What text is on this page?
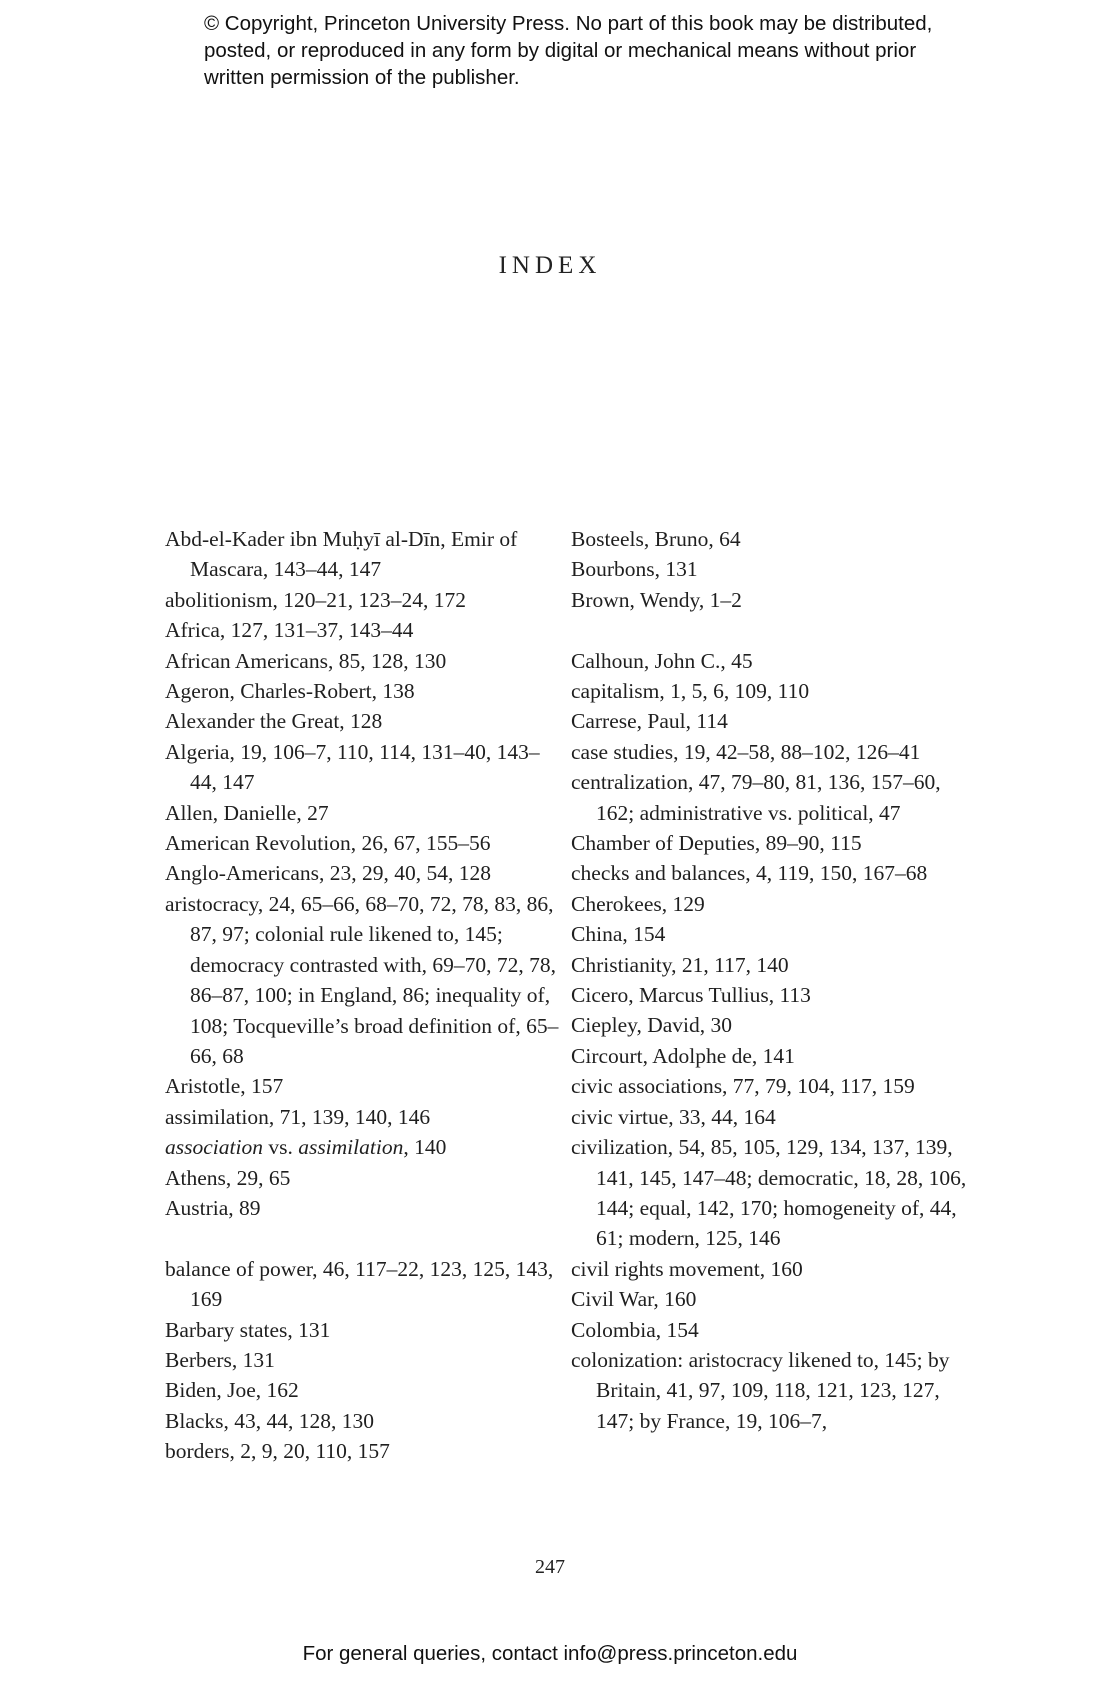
© Copyright, Princeton University Press. No part of this book may be distributed, posted, or reproduced in any form by digital or mechanical means without prior written permission of the publisher.
INDEX
Abd-el-Kader ibn Muḥyī al-Dīn, Emir of Mascara, 143–44, 147
abolitionism, 120–21, 123–24, 172
Africa, 127, 131–37, 143–44
African Americans, 85, 128, 130
Ageron, Charles-Robert, 138
Alexander the Great, 128
Algeria, 19, 106–7, 110, 114, 131–40, 143–44, 147
Allen, Danielle, 27
American Revolution, 26, 67, 155–56
Anglo-Americans, 23, 29, 40, 54, 128
aristocracy, 24, 65–66, 68–70, 72, 78, 83, 86, 87, 97; colonial rule likened to, 145; democracy contrasted with, 69–70, 72, 78, 86–87, 100; in England, 86; inequality of, 108; Tocqueville’s broad definition of, 65–66, 68
Aristotle, 157
assimilation, 71, 139, 140, 146
association vs. assimilation, 140
Athens, 29, 65
Austria, 89
balance of power, 46, 117–22, 123, 125, 143, 169
Barbary states, 131
Berbers, 131
Biden, Joe, 162
Blacks, 43, 44, 128, 130
borders, 2, 9, 20, 110, 157
Bosteels, Bruno, 64
Bourbons, 131
Brown, Wendy, 1–2
Calhoun, John C., 45
capitalism, 1, 5, 6, 109, 110
Carrese, Paul, 114
case studies, 19, 42–58, 88–102, 126–41
centralization, 47, 79–80, 81, 136, 157–60, 162; administrative vs. political, 47
Chamber of Deputies, 89–90, 115
checks and balances, 4, 119, 150, 167–68
Cherokees, 129
China, 154
Christianity, 21, 117, 140
Cicero, Marcus Tullius, 113
Ciepley, David, 30
Circourt, Adolphe de, 141
civic associations, 77, 79, 104, 117, 159
civic virtue, 33, 44, 164
civilization, 54, 85, 105, 129, 134, 137, 139, 141, 145, 147–48; democratic, 18, 28, 106, 144; equal, 142, 170; homogeneity of, 44, 61; modern, 125, 146
civil rights movement, 160
Civil War, 160
Colombia, 154
colonization: aristocracy likened to, 145; by Britain, 41, 97, 109, 118, 121, 123, 127, 147; by France, 19, 106–7,
247
For general queries, contact info@press.princeton.edu
